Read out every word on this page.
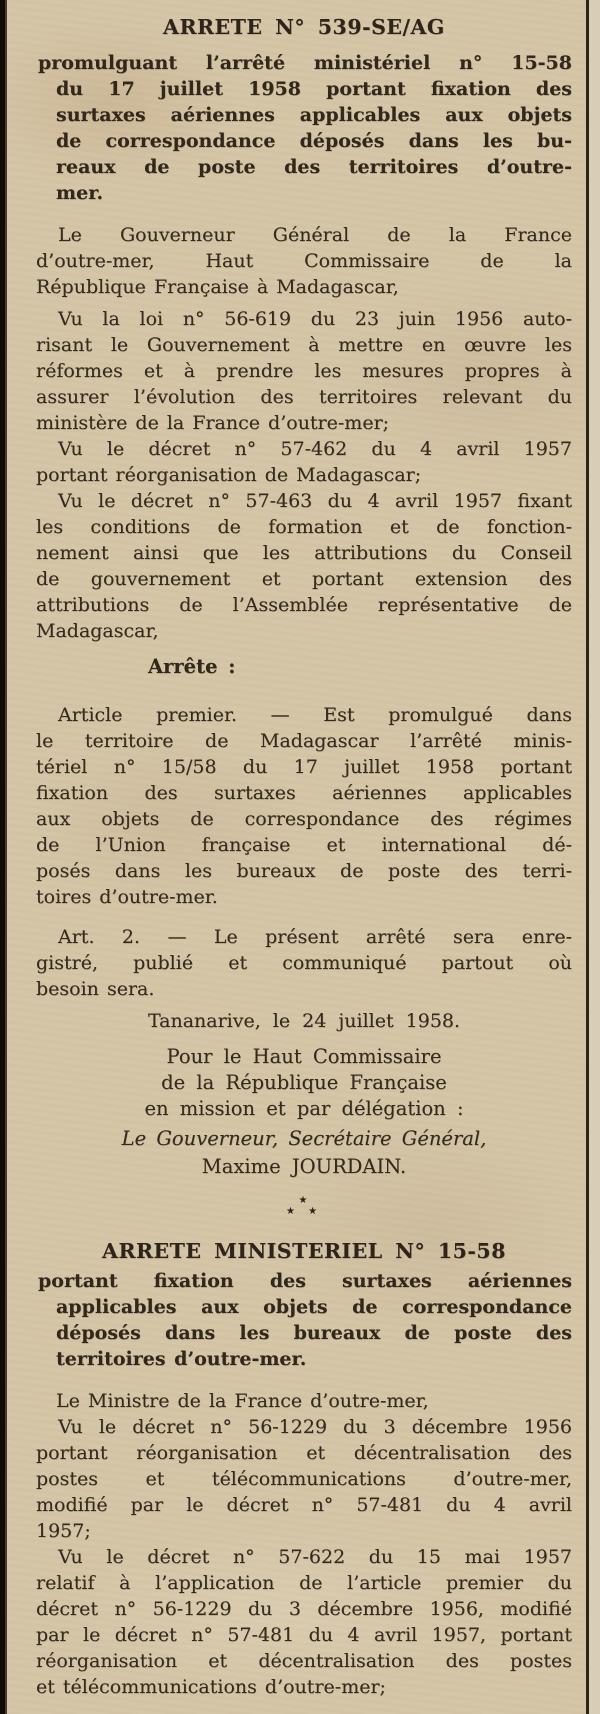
ARRETE N° 539-SE/AG
promulguant l’arrêté ministériel n° 15-58
du 17 juillet 1958 portant fixation des
surtaxes aériennes applicables aux objets
de correspondance déposés dans les bu-
reaux de poste des territoires d’outre-
mer.
Le Gouverneur Général de la France
d’outre-mer, Haut Commissaire de la
République Française à Madagascar,
Vu la loi n° 56-619 du 23 juin 1956 auto-
risant le Gouvernement à mettre en œuvre les
réformes et à prendre les mesures propres à
assurer l’évolution des territoires relevant du
ministère de la France d’outre-mer;
Vu le décret n° 57-462 du 4 avril 1957
portant réorganisation de Madagascar;
Vu le décret n° 57-463 du 4 avril 1957 fixant
les conditions de formation et de fonction-
nement ainsi que les attributions du Conseil
de gouvernement et portant extension des
attributions de l’Assemblée représentative de
Madagascar,
Arrête :
Article premier. — Est promulgué dans
le territoire de Madagascar l’arrêté minis-
tériel n° 15/58 du 17 juillet 1958 portant
fixation des surtaxes aériennes applicables
aux objets de correspondance des régimes
de l’Union française et international dé-
posés dans les bureaux de poste des terri-
toires d’outre-mer.
Art. 2. — Le présent arrêté sera enre-
gistré, publié et communiqué partout où
besoin sera.
Tananarive, le 24 juillet 1958.
Pour le Haut Commissaire
de la République Française
en mission et par délégation :
Le Gouverneur, Secrétaire Général,
Maxime JOURDAIN.
★
★ ★
ARRETE MINISTERIEL N° 15-58
portant fixation des surtaxes aériennes
applicables aux objets de correspondance
déposés dans les bureaux de poste des
territoires d’outre-mer.
Le Ministre de la France d’outre-mer,
Vu le décret n° 56-1229 du 3 décembre 1956
portant réorganisation et décentralisation des
postes et télécommunications d’outre-mer,
modifié par le décret n° 57-481 du 4 avril
1957;
Vu le décret n° 57-622 du 15 mai 1957
relatif à l’application de l’article premier du
décret n° 56-1229 du 3 décembre 1956, modifié
par le décret n° 57-481 du 4 avril 1957, portant
réorganisation et décentralisation des postes
et télécommunications d’outre-mer;
